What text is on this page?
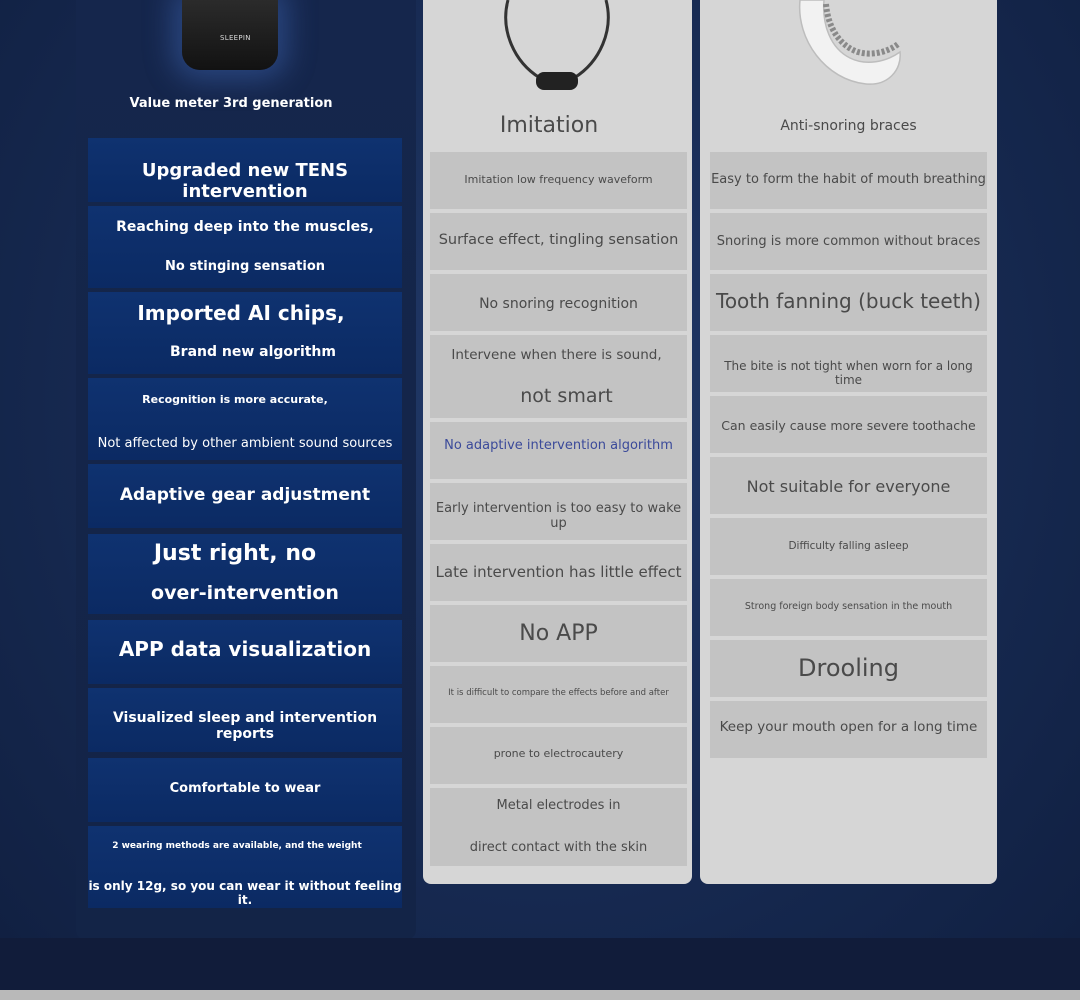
SLEEPIN
Value meter 3rd generation
Upgraded new TENS intervention
Reaching deep into the muscles,
No stinging sensation
Imported AI chips,
Brand new algorithm
Recognition is more accurate,
Not affected by other ambient sound sources
Adaptive gear adjustment
Just right, no
over-intervention
APP data visualization
Visualized sleep and intervention reports
Comfortable to wear
2 wearing methods are available, and the weight
is only 12g, so you can wear it without feeling it.
Imitation
Imitation low frequency waveform
Surface effect, tingling sensation
No snoring recognition
Intervene when there is sound,
not smart
No adaptive intervention algorithm
Early intervention is too easy to wake up
Late intervention has little effect
No APP
It is difficult to compare the effects before and after
prone to electrocautery
Metal electrodes in
direct contact with the skin
Anti-snoring braces
Easy to form the habit of mouth breathing
Snoring is more common without braces
Tooth fanning (buck teeth)
The bite is not tight when worn for a long time
Can easily cause more severe toothache
Not suitable for everyone
Difficulty falling asleep
Strong foreign body sensation in the mouth
Drooling
Keep your mouth open for a long time
